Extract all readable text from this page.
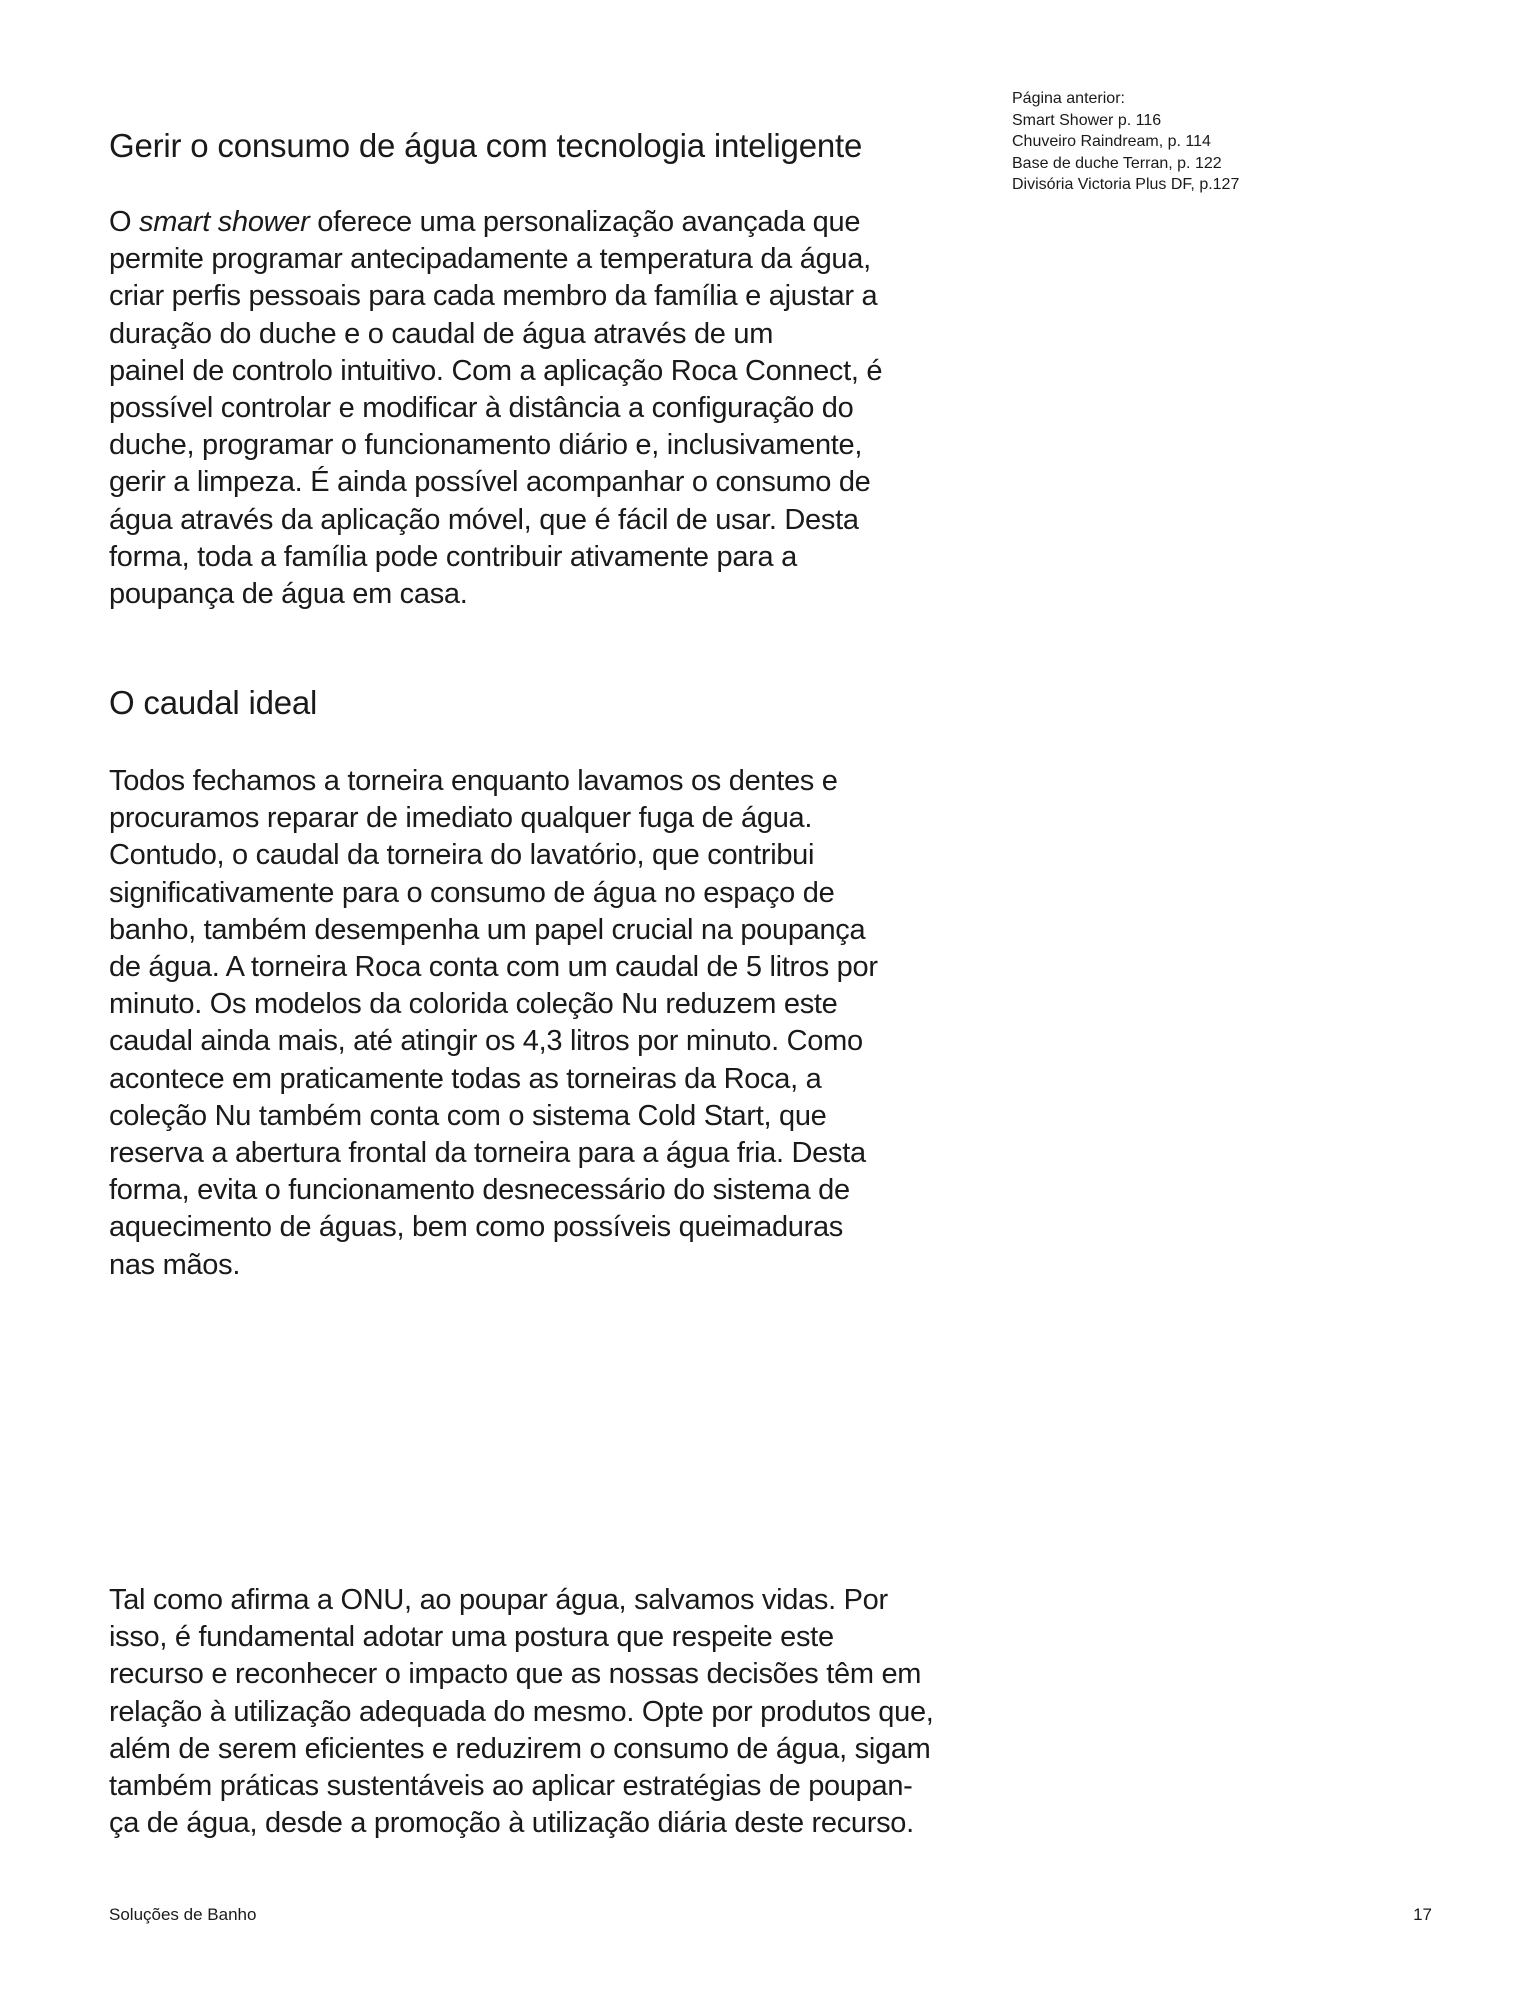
Página anterior:
Smart Shower p. 116
Chuveiro Raindream, p. 114
Base de duche Terran, p. 122
Divisória Victoria Plus DF, p.127
Gerir o consumo de água com tecnologia inteligente
O smart shower oferece uma personalização avançada que
permite programar antecipadamente a temperatura da água,
criar perfis pessoais para cada membro da família e ajustar a
duração do duche e o caudal de água através de um
painel de controlo intuitivo. Com a aplicação Roca Connect, é
possível controlar e modificar à distância a configuração do
duche, programar o funcionamento diário e, inclusivamente,
gerir a limpeza. É ainda possível acompanhar o consumo de
água através da aplicação móvel, que é fácil de usar. Desta
forma, toda a família pode contribuir ativamente para a
poupança de água em casa.
O caudal ideal
Todos fechamos a torneira enquanto lavamos os dentes e
procuramos reparar de imediato qualquer fuga de água.
Contudo, o caudal da torneira do lavatório, que contribui
significativamente para o consumo de água no espaço de
banho, também desempenha um papel crucial na poupança
de água. A torneira Roca conta com um caudal de 5 litros por
minuto. Os modelos da colorida coleção Nu reduzem este
caudal ainda mais, até atingir os 4,3 litros por minuto. Como
acontece em praticamente todas as torneiras da Roca, a
coleção Nu também conta com o sistema Cold Start, que
reserva a abertura frontal da torneira para a água fria. Desta
forma, evita o funcionamento desnecessário do sistema de
aquecimento de águas, bem como possíveis queimaduras
nas mãos.
Tal como afirma a ONU, ao poupar água, salvamos vidas. Por
isso, é fundamental adotar uma postura que respeite este
recurso e reconhecer o impacto que as nossas decisões têm em
relação à utilização adequada do mesmo. Opte por produtos que,
além de serem eficientes e reduzirem o consumo de água, sigam
também práticas sustentáveis ao aplicar estratégias de poupan-
ça de água, desde a promoção à utilização diária deste recurso.
Soluções de Banho	17
